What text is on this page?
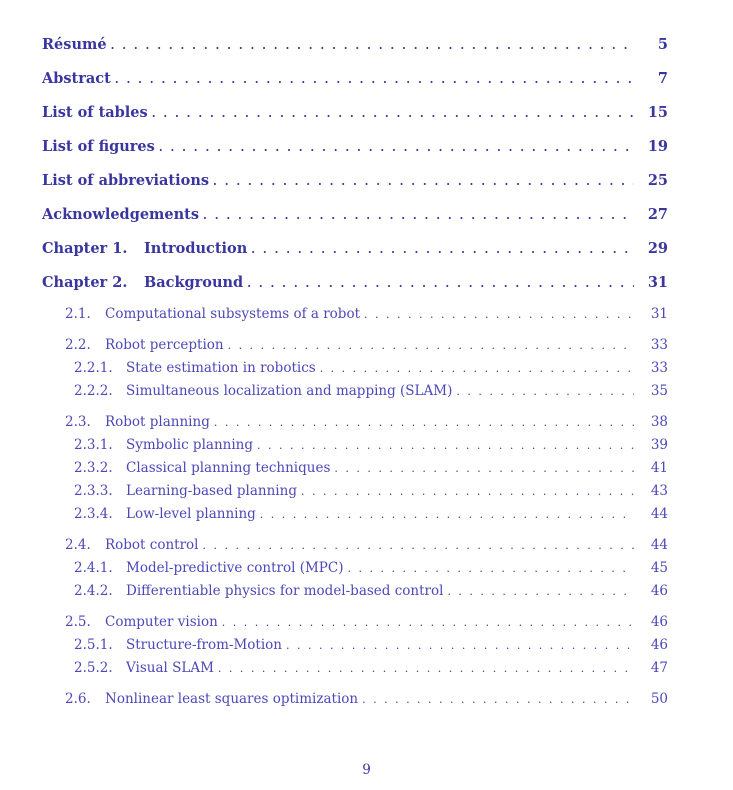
Résumé . . .	5
Abstract . . .	7
List of tables . . .	15
List of figures . . .	19
List of abbreviations . . .	25
Acknowledgements . . .	27
Chapter 1.	Introduction . . .	29
Chapter 2.	Background . . .	31
2.1.	Computational subsystems of a robot . . .	31
2.2.	Robot perception . . .	33
2.2.1. State estimation in robotics . . .	33
2.2.2. Simultaneous localization and mapping (SLAM) . . .	35
2.3.	Robot planning . . .	38
2.3.1. Symbolic planning . . .	39
2.3.2. Classical planning techniques . . .	41
2.3.3. Learning-based planning . . .	43
2.3.4. Low-level planning . . .	44
2.4.	Robot control . . .	44
2.4.1. Model-predictive control (MPC) . . .	45
2.4.2. Differentiable physics for model-based control . . .	46
2.5.	Computer vision . . .	46
2.5.1. Structure-from-Motion . . .	46
2.5.2. Visual SLAM . . .	47
2.6.	Nonlinear least squares optimization . . .	50
9
